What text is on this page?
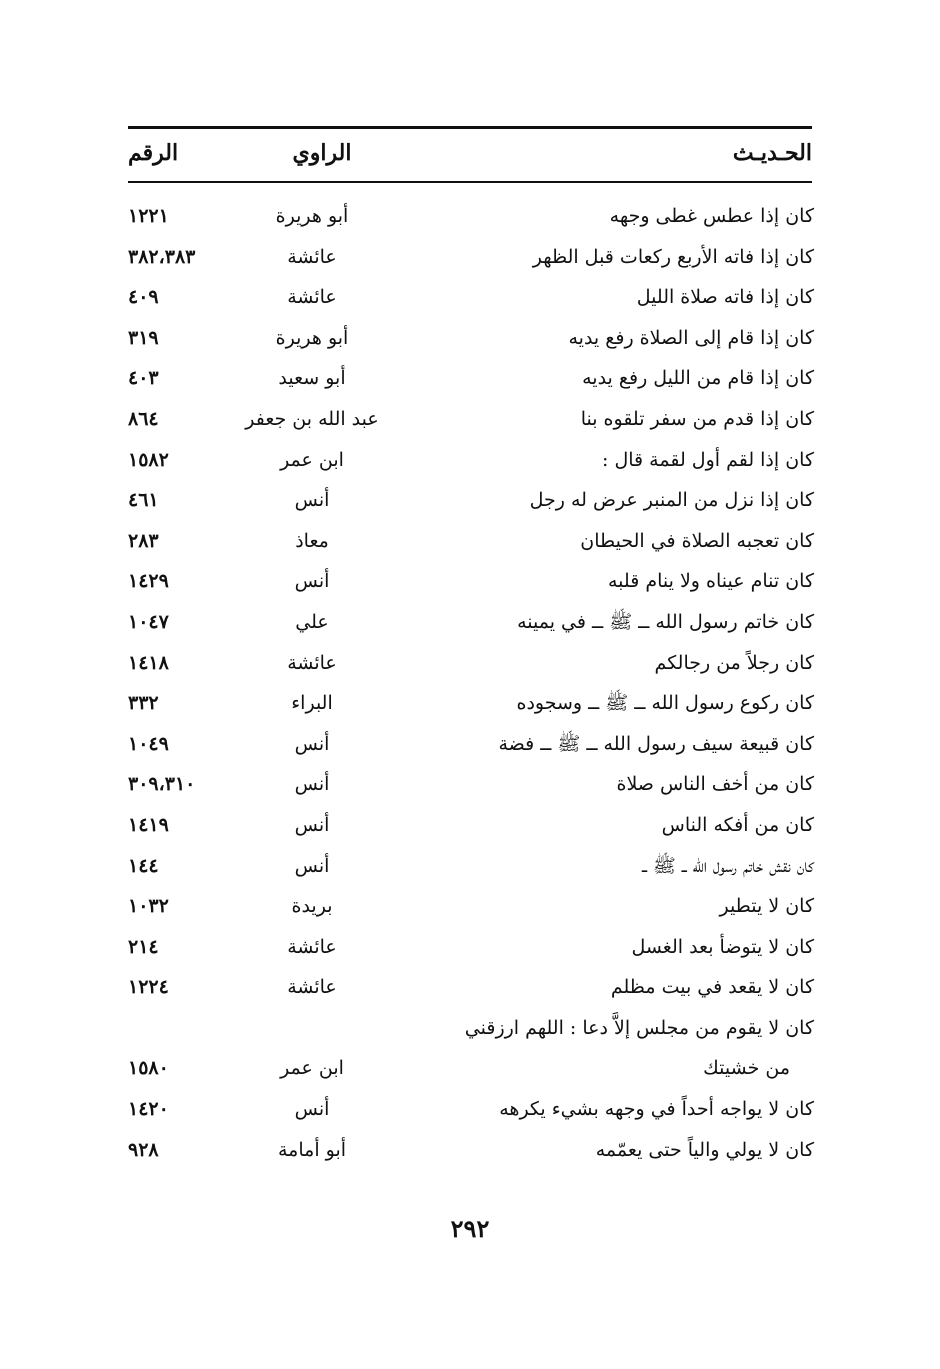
الحـديـث
الراوي
الرقم
كان إذا عطس غطى وجهه
أبو هريرة
١٢٢١
كان إذا فاته الأربع ركعات قبل الظهر
عائشة
٣٨٢،٣٨٣
كان إذا فاته صلاة الليل
عائشة
٤٠٩
كان إذا قام إلى الصلاة رفع يديه
أبو هريرة
٣١٩
كان إذا قام من الليل رفع يديه
أبو سعيد
٤٠٣
كان إذا قدم من سفر تلقوه بنا
عبد الله بن جعفر
٨٦٤
كان إذا لقم أول لقمة قال :
ابن عمر
١٥٨٢
كان إذا نزل من المنبر عرض له رجل
أنس
٤٦١
كان تعجبه الصلاة في الحيطان
معاذ
٢٨٣
كان تنام عيناه ولا ينام قلبه
أنس
١٤٢٩
كان خاتم رسول الله ــ ﷺ ــ في يمينه
علي
١٠٤٧
كان رجلاً من رجالكم
عائشة
١٤١٨
كان ركوع رسول الله ــ ﷺ ــ وسجوده
البراء
٣٣٢
كان قبيعة سيف رسول الله ــ ﷺ ــ فضة
أنس
١٠٤٩
كان من أخف الناس صلاة
أنس
٣٠٩،٣١٠
كان من أفكه الناس
أنس
١٤١٩
كان نقش خاتم رسول الله ــ ﷺ ــ
أنس
١٤٤
كان لا يتطير
بريدة
١٠٣٢
كان لا يتوضأ بعد الغسل
عائشة
٢١٤
كان لا يقعد في بيت مظلم
عائشة
١٢٢٤
كان لا يقوم من مجلس إلاَّ دعا : اللهم ارزقني
من خشيتك
ابن عمر
١٥٨٠
كان لا يواجه أحداً في وجهه بشيء يكرهه
أنس
١٤٢٠
كان لا يولي والياً حتى يعمّمه
أبو أمامة
٩٢٨
٢٩٢
